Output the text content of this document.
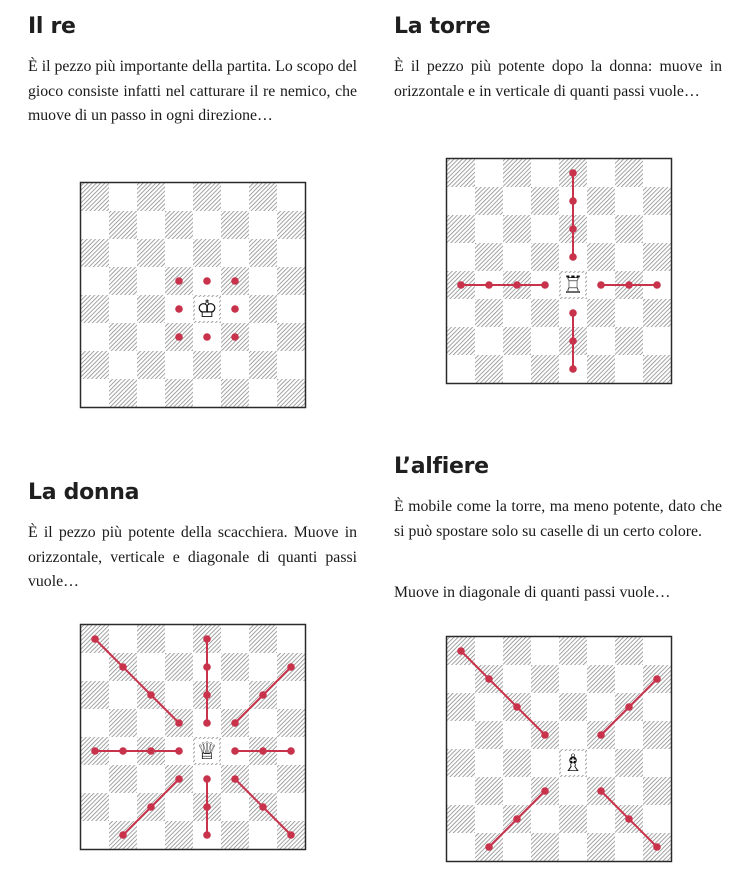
Il re

È il pezzo più importante della partita. Lo scopo del gioco consiste infatti nel catturare il re nemico, che muove di un passo in ogni direzione…

♔
La torre

È il pezzo più potente dopo la donna: muove in orizzontale e in verticale di quanti passi vuole…

♖
La donna

È il pezzo più potente della scacchiera. Muove in orizzontale, verticale e diagonale di quanti passi vuole…

♕
L’alfiere

È mobile come la torre, ma meno potente, dato che si può spostare solo su caselle di un certo colore.

Muove in diagonale di quanti passi vuole…

♗
